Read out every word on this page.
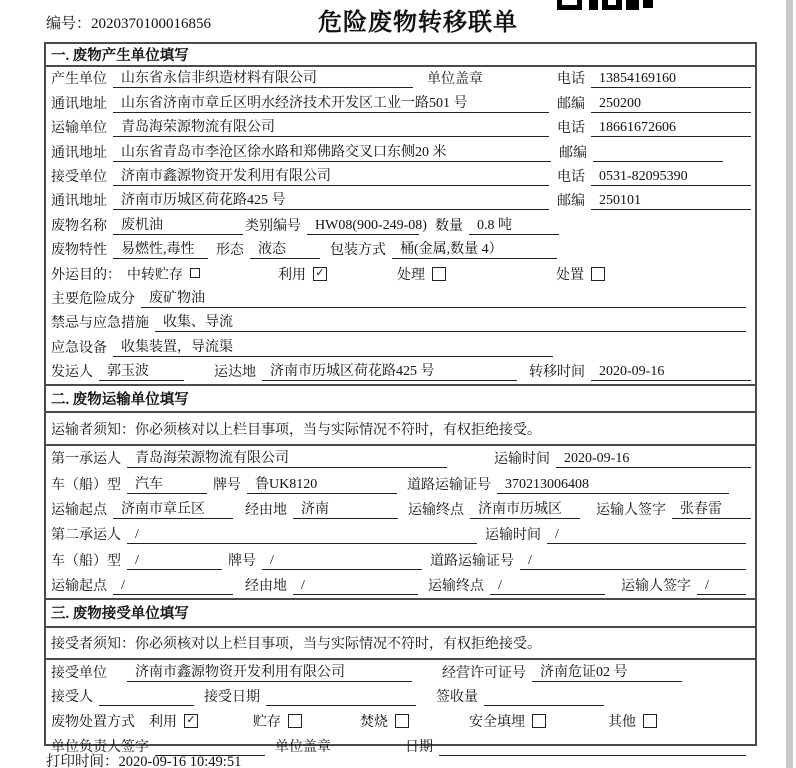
编号：2020370100016856	危险废物转移联单
一. 废物产生单位填写
产生单位	山东省永信非织造材料有限公司	单位盖章	电话	13854169160
通讯地址	山东省济南市章丘区明水经济技术开发区工业一路501 号	邮编	250200
运输单位	青岛海荣源物流有限公司	电话	18661672606
通讯地址	山东省青岛市李沧区徐水路和郑佛路交叉口东侧20 米	邮编
接受单位	济南市鑫源物资开发利用有限公司	电话	0531-82095390
通讯地址	济南市历城区荷花路425 号	邮编	250101
废物名称	废机油	类别编号	HW08(900-249-08) 数量	0.8 吨
废物特性	易燃性,毒性	形态	液态	包装方式	桶(金属,数量 4）
外运目的： 中转贮存	利用 ✓	处理	处置
主要危险成分	废矿物油
禁忌与应急措施	收集、导流
应急设备	收集装置，导流渠
发运人	郭玉波	运达地	济南市历城区荷花路425 号	转移时间	2020-09-16
二. 废物运输单位填写
运输者须知：你必须核对以上栏目事项，当与实际情况不符时，有权拒绝接受。
第一承运人	青岛海荣源物流有限公司	运输时间	2020-09-16
车（船）型	汽车	牌号	鲁UK8120	道路运输证号	370213006408
运输起点	济南市章丘区	经由地	济南	运输终点	济南市历城区	运输人签字	张春雷
第二承运人	/	运输时间	/
车（船）型	/	牌号	/	道路运输证号	/
运输起点	/	经由地	/	运输终点	/	运输人签字	/
三. 废物接受单位填写
接受者须知：你必须核对以上栏目事项，当与实际情况不符时，有权拒绝接受。
接受单位	济南市鑫源物资开发利用有限公司	经营许可证号	济南危证02 号
接受人	接受日期	签收量
废物处置方式 利用 ✓	贮存	焚烧	安全填埋	其他
单位负责人签字	单位盖章	日期
打印时间：2020-09-16 10:49:51
